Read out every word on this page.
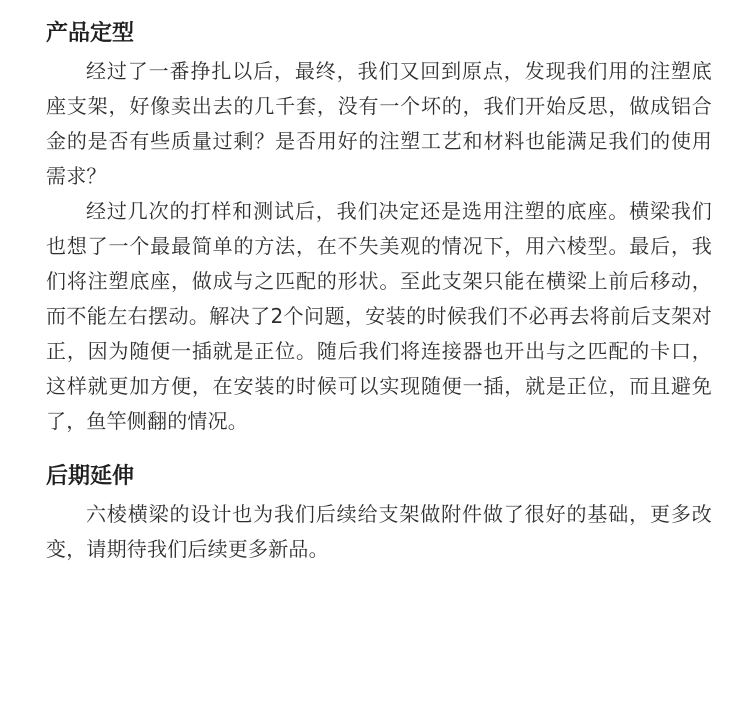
产品定型

经过了一番挣扎以后，最终，我们又回到原点，发现我们用的注塑底座支架，好像卖出去的几千套，没有一个坏的，我们开始反思，做成铝合金的是否有些质量过剩？是否用好的注塑工艺和材料也能满足我们的使用需求？

经过几次的打样和测试后，我们决定还是选用注塑的底座。横梁我们也想了一个最最简单的方法，在不失美观的情况下，用六棱型。最后，我们将注塑底座，做成与之匹配的形状。至此支架只能在横梁上前后移动，而不能左右摆动。解决了2个问题，安装的时候我们不必再去将前后支架对正，因为随便一插就是正位。随后我们将连接器也开出与之匹配的卡口，这样就更加方便，在安装的时候可以实现随便一插，就是正位，而且避免了，鱼竿侧翻的情况。

后期延伸

六棱横梁的设计也为我们后续给支架做附件做了很好的基础，更多改变，请期待我们后续更多新品。
